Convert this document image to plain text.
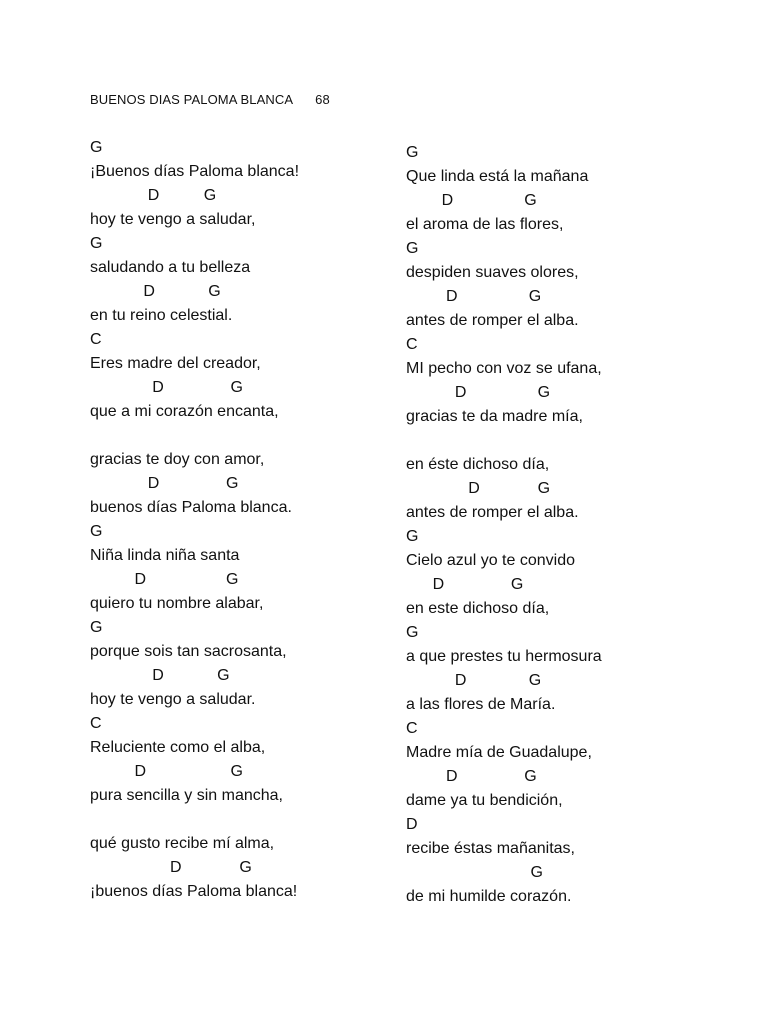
BUENOS DIAS PALOMA BLANCA 68
G
¡Buenos días Paloma blanca!
D          G
hoy te vengo a saludar,
G
saludando a tu belleza
D            G
en tu reino celestial.
C
Eres madre del creador,
D               G
que a mi corazón encanta,
gracias te doy con amor,
D               G
buenos días Paloma blanca.
G
Niña linda niña santa
D                  G
quiero tu nombre alabar,
G
porque sois tan sacrosanta,
D            G
hoy te vengo a saludar.
C
Reluciente como el alba,
D                   G
pura sencilla y sin mancha,
qué gusto recibe mí alma,
D             G
¡buenos días Paloma blanca!
G
Que linda está la mañana
D                G
el aroma de las flores,
G
despiden suaves olores,
D                G
antes de romper el alba.
C
MI pecho con voz se ufana,
D                G
gracias te da madre mía,
en éste dichoso día,
D             G
antes de romper el alba.
G
Cielo azul yo te convido
D               G
en este dichoso día,
G
a que prestes tu hermosura
D              G
a las flores de María.
C
Madre mía de Guadalupe,
D               G
dame ya tu bendición,
D
recibe éstas mañanitas,
G
de mi humilde corazón.
